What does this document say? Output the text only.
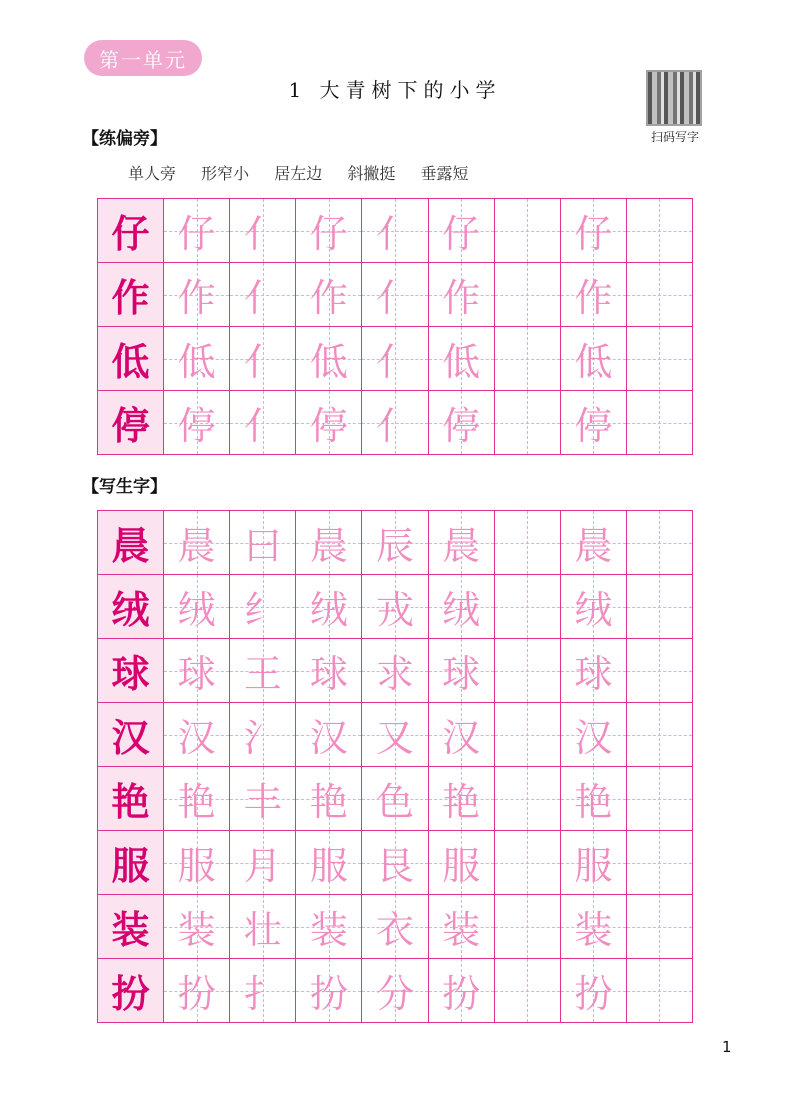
第一单元
1 大青树下的小学
扫码写字
【练偏旁】
单人旁 形窄小 居左边 斜撇挺 垂露短
仔 仔 亻 仔 亻 仔 仔
作 作 亻 作 亻 作 作
低 低 亻 低 亻 低 低
停 停 亻 停 亻 停 停
【写生字】
晨 晨 曰 晨 辰 晨 晨
绒 绒 纟 绒 戎 绒 绒
球 球 王 球 求 球 球
汉 汉 氵 汉 又 汉 汉
艳 艳 丰 艳 色 艳 艳
服 服 月 服 艮 服 服
装 装 壮 装 衣 装 装
扮 扮 扌 扮 分 扮 扮
1
